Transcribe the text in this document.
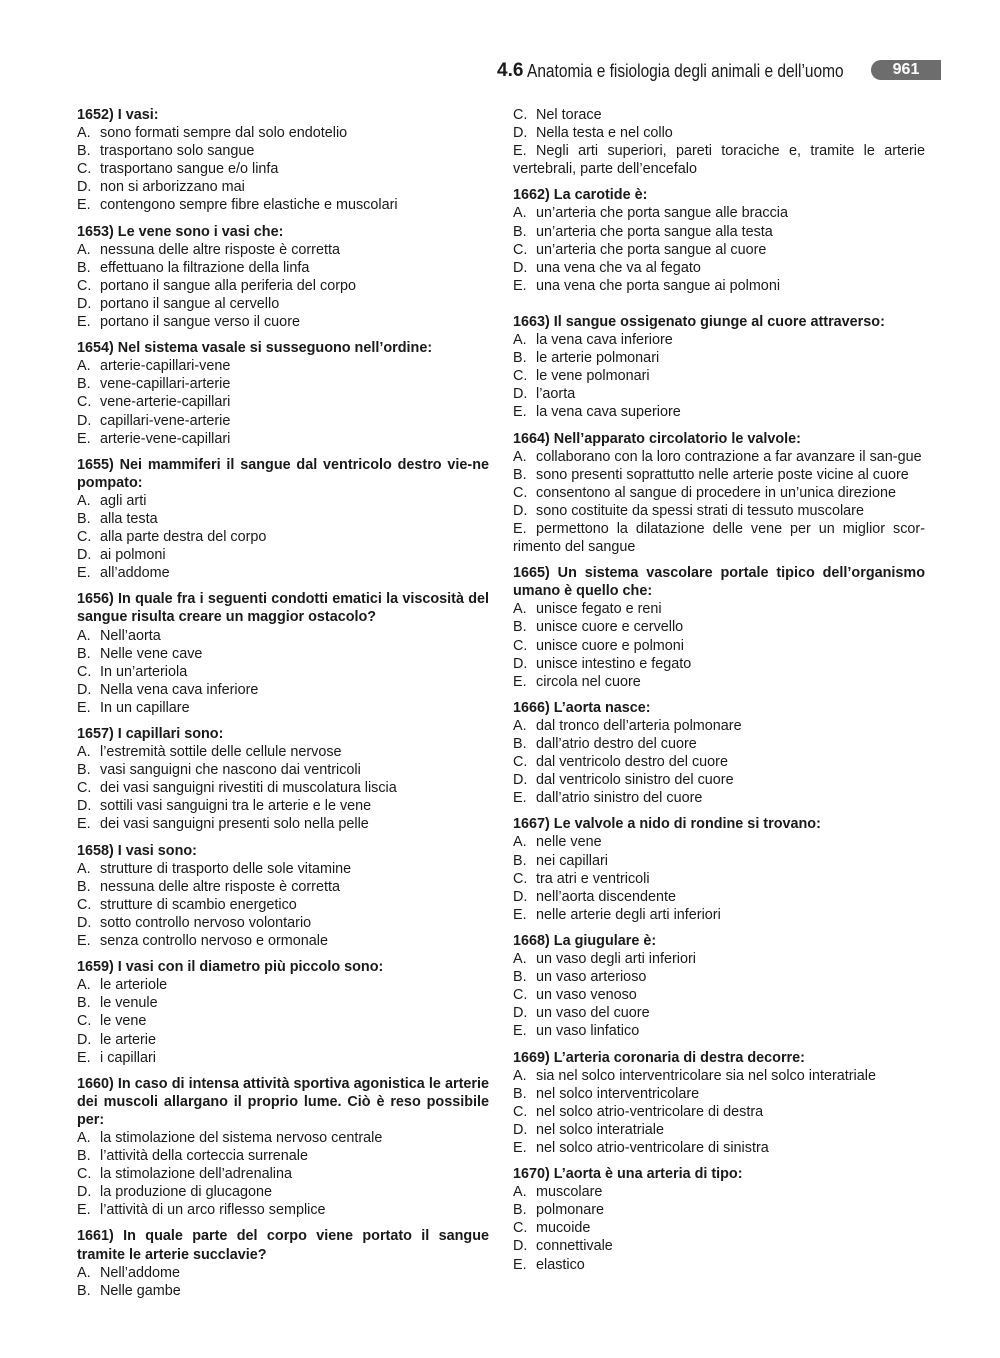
4.6 Anatomia e fisiologia degli animali e dell’uomo	961
1652) I vasi:
A. sono formati sempre dal solo endotelio
B. trasportano solo sangue
C. trasportano sangue e/o linfa
D. non si arborizzano mai
E. contengono sempre fibre elastiche e muscolari
1653) Le vene sono i vasi che:
A. nessuna delle altre risposte è corretta
B. effettuano la filtrazione della linfa
C. portano il sangue alla periferia del corpo
D. portano il sangue al cervello
E. portano il sangue verso il cuore
1654) Nel sistema vasale si susseguono nell’ordine:
A. arterie-capillari-vene
B. vene-capillari-arterie
C. vene-arterie-capillari
D. capillari-vene-arterie
E. arterie-vene-capillari
1655) Nei mammiferi il sangue dal ventricolo destro vie-ne pompato:
A. agli arti
B. alla testa
C. alla parte destra del corpo
D. ai polmoni
E. all’addome
1656) In quale fra i seguenti condotti ematici la viscosità del sangue risulta creare un maggior ostacolo?
A. Nell’aorta
B. Nelle vene cave
C. In un’arteriola
D. Nella vena cava inferiore
E. In un capillare
1657) I capillari sono:
A. l’estremità sottile delle cellule nervose
B. vasi sanguigni che nascono dai ventricoli
C. dei vasi sanguigni rivestiti di muscolatura liscia
D. sottili vasi sanguigni tra le arterie e le vene
E. dei vasi sanguigni presenti solo nella pelle
1658) I vasi sono:
A. strutture di trasporto delle sole vitamine
B. nessuna delle altre risposte è corretta
C. strutture di scambio energetico
D. sotto controllo nervoso volontario
E. senza controllo nervoso e ormonale
1659) I vasi con il diametro più piccolo sono:
A. le arteriole
B. le venule
C. le vene
D. le arterie
E. i capillari
1660) In caso di intensa attività sportiva agonistica le arterie dei muscoli allargano il proprio lume. Ciò è reso possibile per:
A. la stimolazione del sistema nervoso centrale
B. l’attività della corteccia surrenale
C. la stimolazione dell’adrenalina
D. la produzione di glucagone
E. l’attività di un arco riflesso semplice
1661) In quale parte del corpo viene portato il sangue tramite le arterie succlavie?
A. Nell’addome
B. Nelle gambe
C. Nel torace
D. Nella testa e nel collo
E. Negli arti superiori, pareti toraciche e, tramite le arterie vertebrali, parte dell’encefalo
1662) La carotide è:
A. un’arteria che porta sangue alle braccia
B. un’arteria che porta sangue alla testa
C. un’arteria che porta sangue al cuore
D. una vena che va al fegato
E. una vena che porta sangue ai polmoni
1663) Il sangue ossigenato giunge al cuore attraverso:
A. la vena cava inferiore
B. le arterie polmonari
C. le vene polmonari
D. l’aorta
E. la vena cava superiore
1664) Nell’apparato circolatorio le valvole:
A. collaborano con la loro contrazione a far avanzare il san-gue
B. sono presenti soprattutto nelle arterie poste vicine al cuore
C. consentono al sangue di procedere in un’unica direzione
D. sono costituite da spessi strati di tessuto muscolare
E. permettono la dilatazione delle vene per un miglior scor-rimento del sangue
1665) Un sistema vascolare portale tipico dell’organismo umano è quello che:
A. unisce fegato e reni
B. unisce cuore e cervello
C. unisce cuore e polmoni
D. unisce intestino e fegato
E. circola nel cuore
1666) L’aorta nasce:
A. dal tronco dell’arteria polmonare
B. dall’atrio destro del cuore
C. dal ventricolo destro del cuore
D. dal ventricolo sinistro del cuore
E. dall’atrio sinistro del cuore
1667) Le valvole a nido di rondine si trovano:
A. nelle vene
B. nei capillari
C. tra atri e ventricoli
D. nell’aorta discendente
E. nelle arterie degli arti inferiori
1668) La giugulare è:
A. un vaso degli arti inferiori
B. un vaso arterioso
C. un vaso venoso
D. un vaso del cuore
E. un vaso linfatico
1669) L’arteria coronaria di destra decorre:
A. sia nel solco interventricolare sia nel solco interatriale
B. nel solco interventricolare
C. nel solco atrio-ventricolare di destra
D. nel solco interatriale
E. nel solco atrio-ventricolare di sinistra
1670) L’aorta è una arteria di tipo:
A. muscolare
B. polmonare
C. mucoide
D. connettivale
E. elastico
